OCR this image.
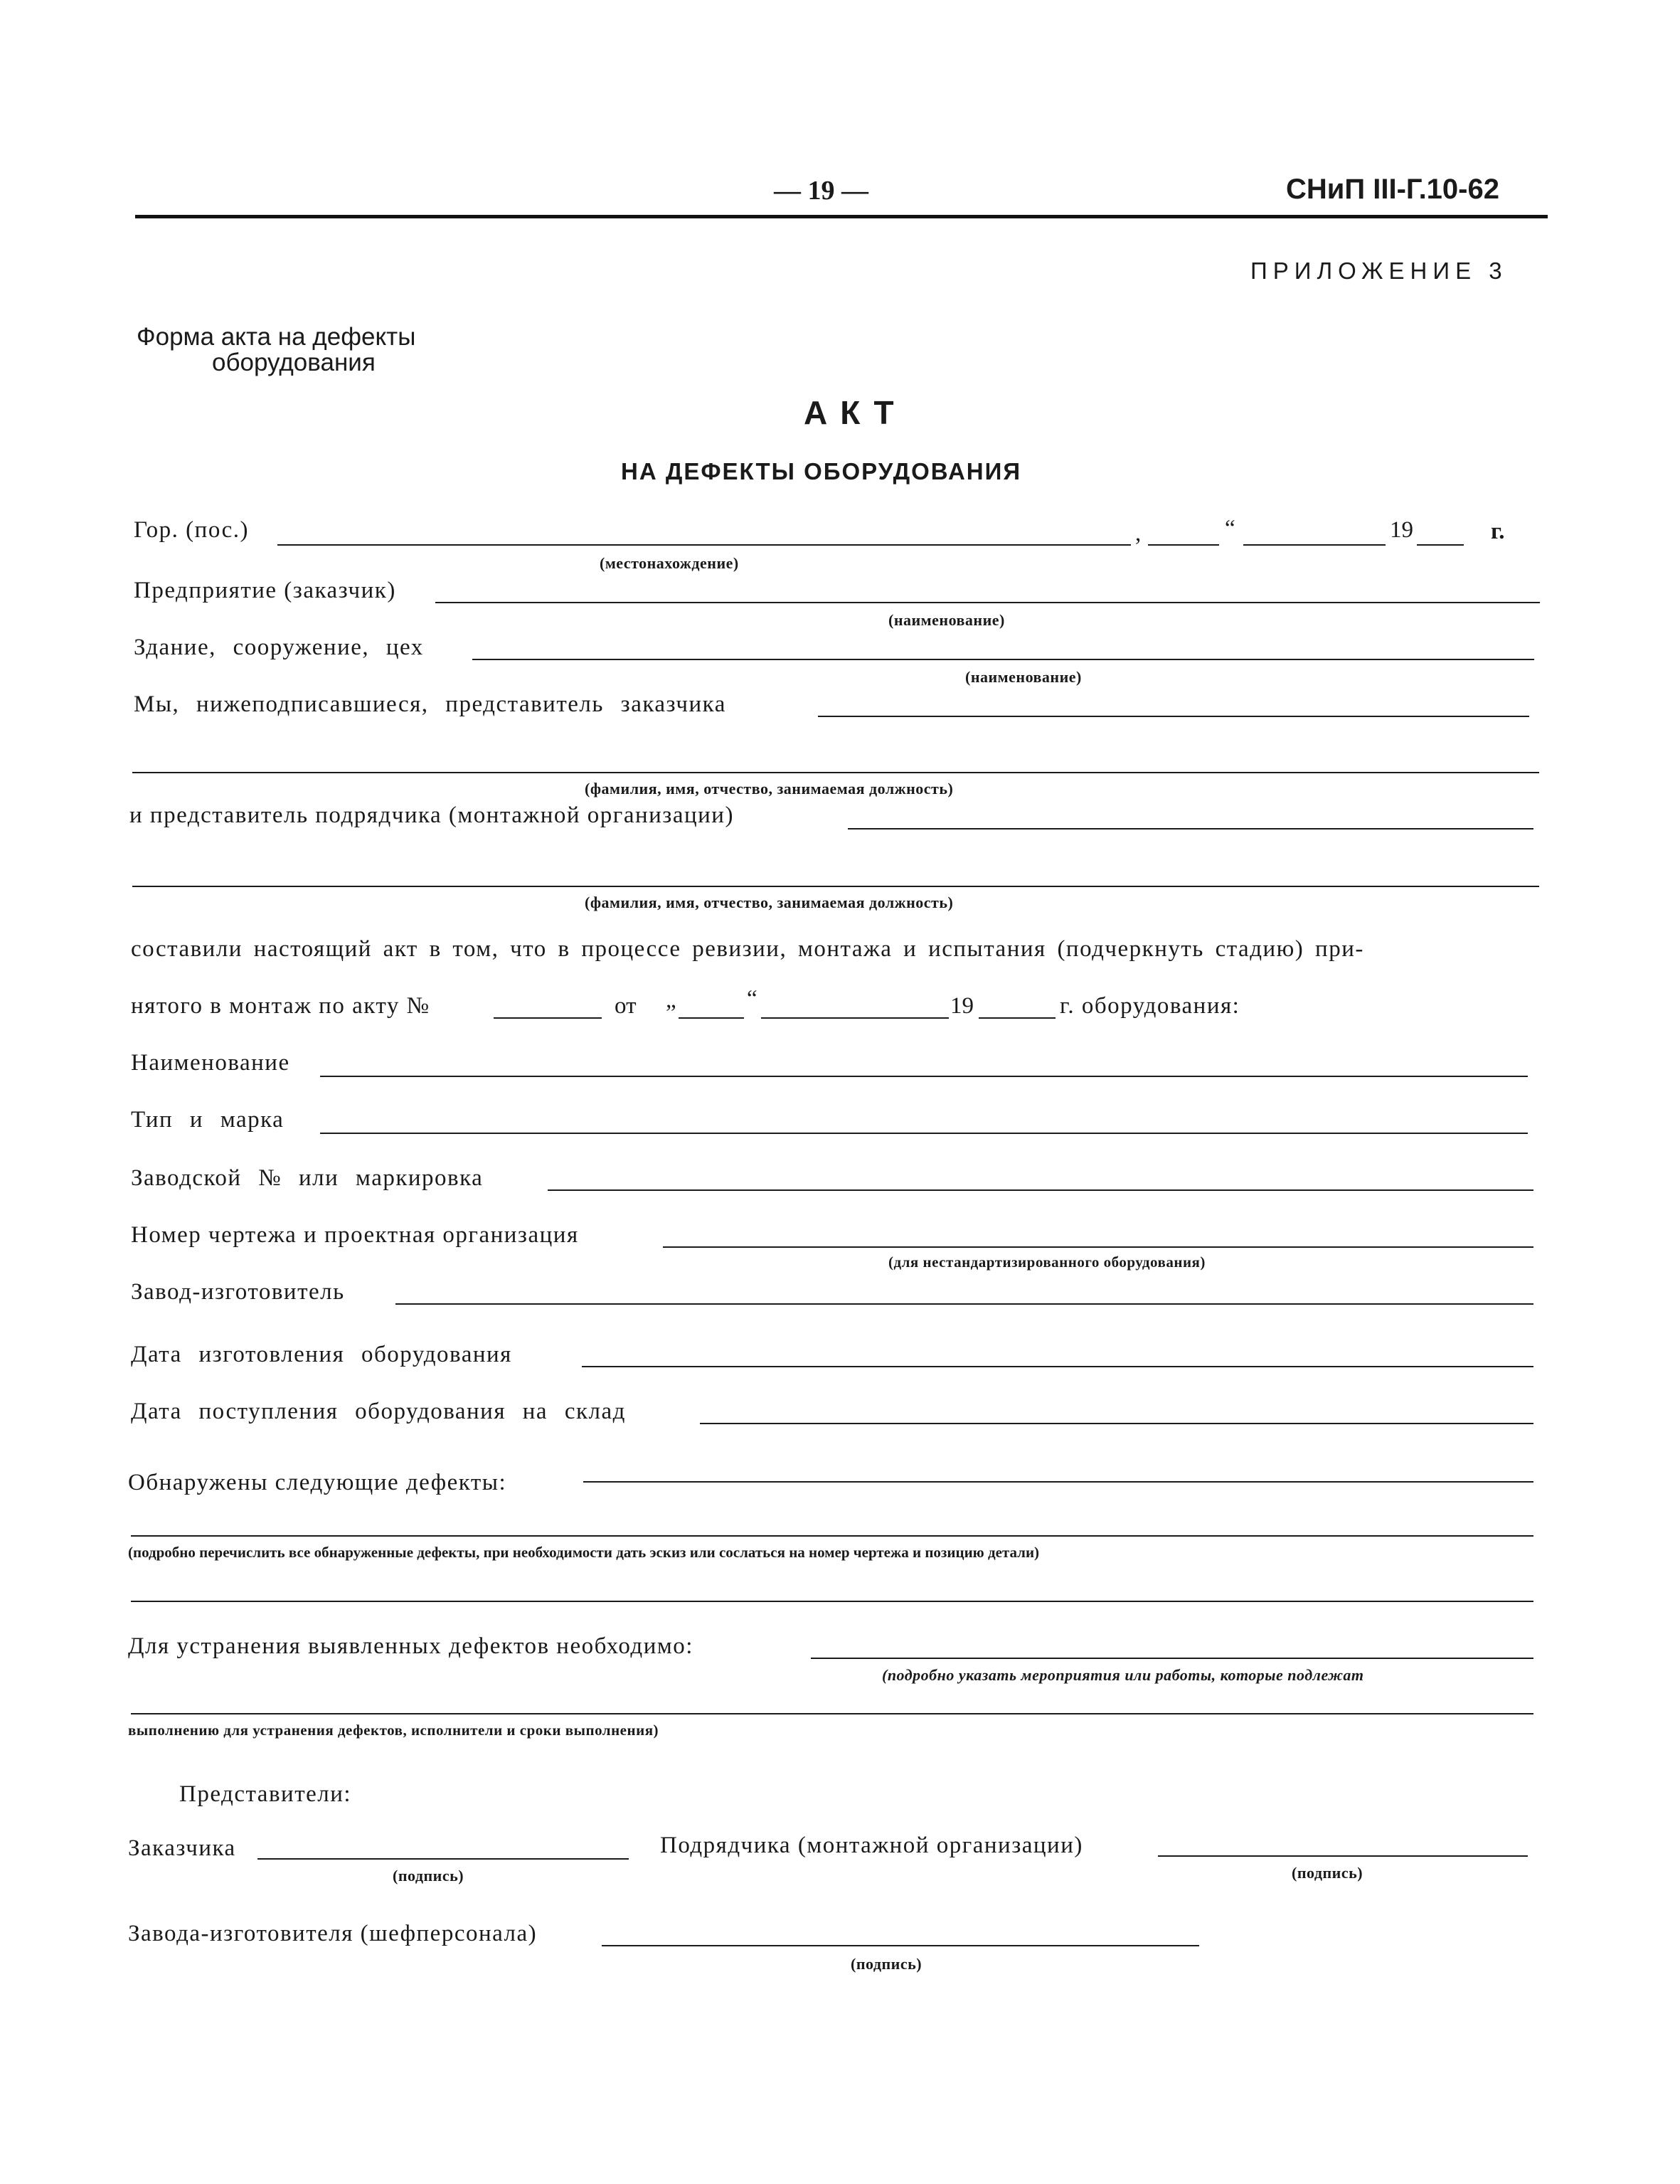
— 19 —	СНиП III-Г.10-62
ПРИЛОЖЕНИЕ 3
Форма акта на дефекты
оборудования
АКТ
НА ДЕФЕКТЫ ОБОРУДОВАНИЯ
Гор. (пос.)	,	“	19	г.
(местонахождение)
Предприятие (заказчик)
(наименование)
Здание, сооружение, цех
(наименование)
Мы, нижеподписавшиеся, представитель заказчика
(фамилия, имя, отчество, занимаемая должность)
и представитель подрядчика (монтажной организации)
(фамилия, имя, отчество, занимаемая должность)
составили настоящий акт в том, что в процессе ревизии, монтажа и испытания (подчеркнуть стадию) при-
нятого в монтаж по акту №	от „	“	19	г. оборудования:
Наименование
Тип и марка
Заводской № или маркировка
Номер чертежа и проектная организация
(для нестандартизированного оборудования)
Завод-изготовитель
Дата изготовления оборудования
Дата поступления оборудования на склад
Обнаружены следующие дефекты:
(подробно перечислить все обнаруженные дефекты, при необходимости дать эскиз или сослаться на номер чертежа и позицию детали)
Для устранения выявленных дефектов необходимо:
(подробно указать мероприятия или работы, которые подлежат
выполнению для устранения дефектов, исполнители и сроки выполнения)
Представители:
Заказчика
(подпись)
Подрядчика (монтажной организации)
(подпись)
Завода-изготовителя (шефперсонала)
(подпись)
